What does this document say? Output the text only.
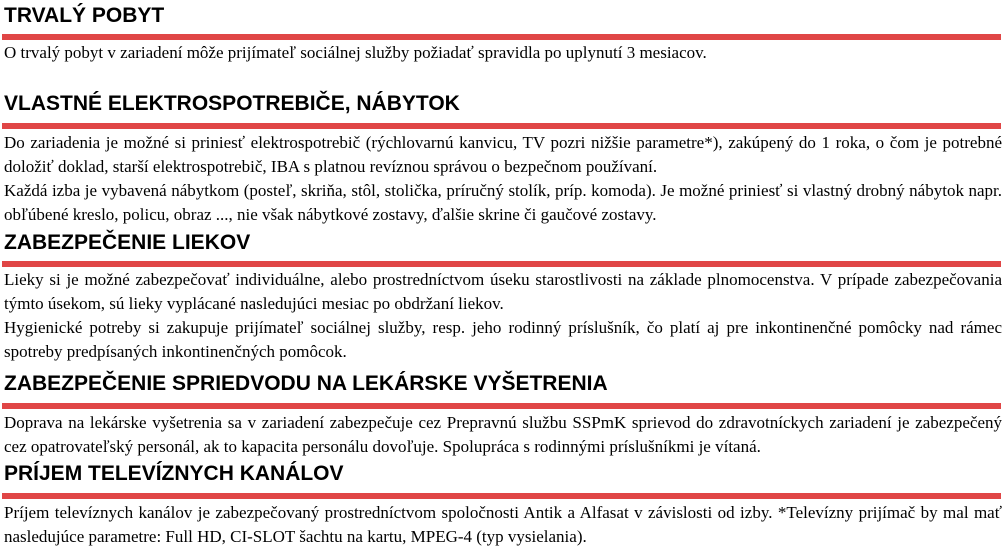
TRVALÝ POBYT

O trvalý pobyt v zariadení môže prijímateľ sociálnej služby požiadať spravidla po uplynutí 3 mesiacov.

VLASTNÉ ELEKTROSPOTREBIČE, NÁBYTOK

Do zariadenia je možné si priniesť elektrospotrebič (rýchlovarnú kanvicu, TV pozri nižšie parametre*), zakúpený do 1 roka, o čom je potrebné doložiť doklad, starší elektrospotrebič, IBA s platnou revíznou správou o bezpečnom používaní.

Každá izba je vybavená nábytkom (posteľ, skriňa, stôl, stolička, príručný stolík, príp. komoda). Je možné priniesť si vlastný drobný nábytok napr. obľúbené kreslo, policu, obraz ..., nie však nábytkové zostavy, ďalšie skrine či gaučové zostavy.

ZABEZPEČENIE LIEKOV

Lieky si je možné zabezpečovať individuálne, alebo prostredníctvom úseku starostlivosti na základe plnomocenstva. V prípade zabezpečovania týmto úsekom, sú lieky vyplácané nasledujúci mesiac po obdržaní liekov.

Hygienické potreby si zakupuje prijímateľ sociálnej služby, resp. jeho rodinný príslušník, čo platí aj pre inkontinenčné pomôcky nad rámec spotreby predpísaných inkontinenčných pomôcok.

ZABEZPEČENIE SPRIEDVODU NA LEKÁRSKE VYŠETRENIA

Doprava na lekárske vyšetrenia sa v zariadení zabezpečuje cez Prepravnú službu SSPmK sprievod do zdravotníckych zariadení je zabezpečený cez opatrovateľský personál, ak to kapacita personálu dovoľuje. Spolupráca s rodinnými príslušníkmi je vítaná.

PRÍJEM TELEVÍZNYCH KANÁLOV

Príjem televíznych kanálov je zabezpečovaný prostredníctvom spoločnosti Antik a Alfasat v závislosti od izby. *Televízny prijímač by mal mať nasledujúce parametre: Full HD, CI-SLOT šachtu na kartu, MPEG-4 (typ vysielania).
